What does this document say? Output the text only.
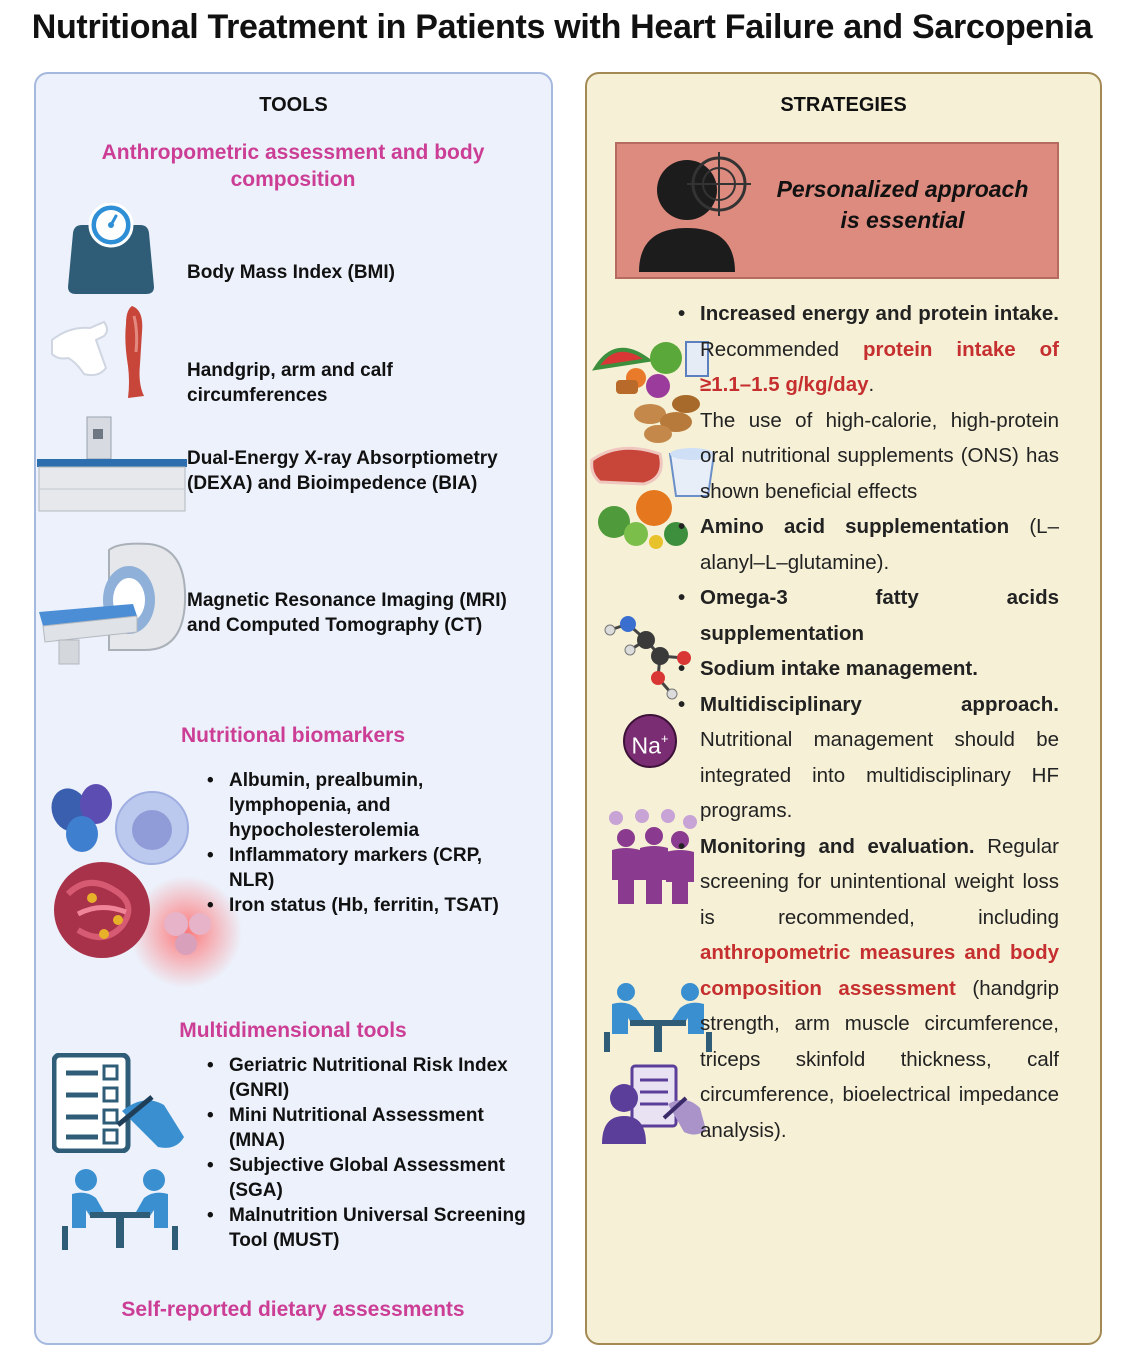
Nutritional Treatment in Patients with Heart Failure and Sarcopenia
TOOLS
Anthropometric assessment and body composition
Body Mass Index (BMI)
Handgrip, arm and calf circumferences
Dual-Energy X-ray Absorptiometry (DEXA) and Bioimpedence (BIA)
Magnetic Resonance Imaging (MRI) and Computed Tomography (CT)
Nutritional biomarkers
• Albumin, prealbumin, lymphopenia, and hypocholesterolemia
• Inflammatory markers (CRP, NLR)
• Iron status (Hb, ferritin, TSAT)
Multidimensional tools
• Geriatric Nutritional Risk Index (GNRI)
• Mini Nutritional Assessment (MNA)
• Subjective Global Assessment (SGA)
• Malnutrition Universal Screening Tool (MUST)
Self-reported dietary assessments
STRATEGIES
Personalized approach is essential
Na+
• Increased energy and protein intake. Recommended protein intake of ≥1.1–1.5 g/kg/day.
The use of high-calorie, high-protein oral nutritional supplements (ONS) has shown beneficial effects
• Amino acid supplementation (L–alanyl–L–glutamine).
• Omega-3 fatty acids supplementation
• Sodium intake management.
• Multidisciplinary approach. Nutritional management should be integrated into multidisciplinary HF programs.
• Monitoring and evaluation. Regular screening for unintentional weight loss is recommended, including anthropometric measures and body composition assessment (handgrip strength, arm muscle circumference, triceps skinfold thickness, calf circumference, bioelectrical impedance analysis).
